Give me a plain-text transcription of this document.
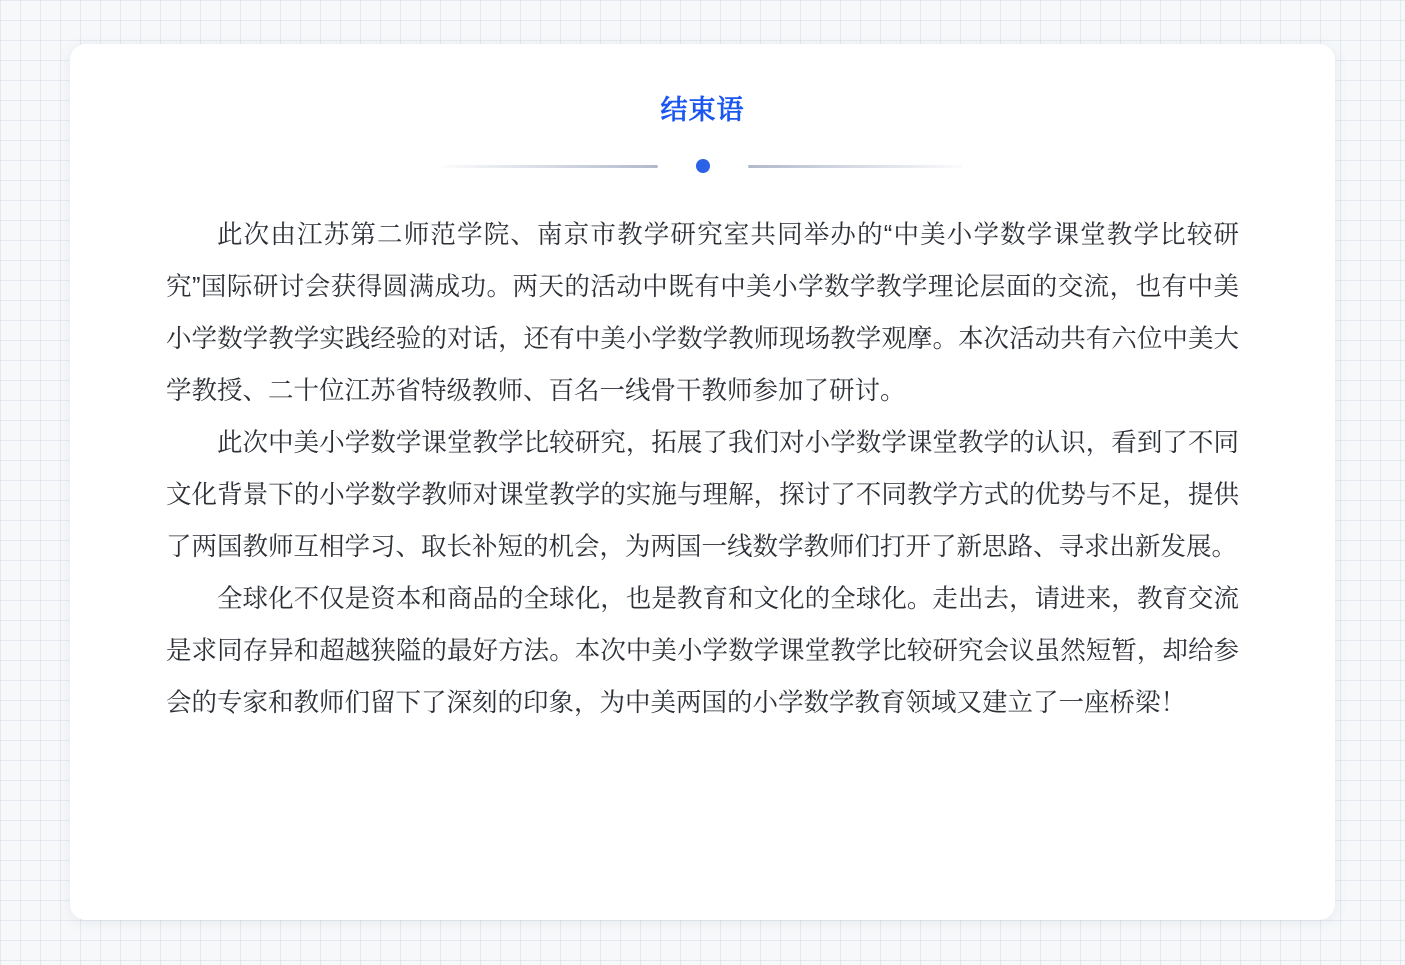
结束语

此次由江苏第二师范学院、南京市教学研究室共同举办的“中美小学数学课堂教学比较研究”国际研讨会获得圆满成功。两天的活动中既有中美小学数学教学理论层面的交流，也有中美小学数学教学实践经验的对话，还有中美小学数学教师现场教学观摩。本次活动共有六位中美大学教授、二十位江苏省特级教师、百名一线骨干教师参加了研讨。

此次中美小学数学课堂教学比较研究，拓展了我们对小学数学课堂教学的认识，看到了不同文化背景下的小学数学教师对课堂教学的实施与理解，探讨了不同教学方式的优势与不足，提供了两国教师互相学习、取长补短的机会，为两国一线数学教师们打开了新思路、寻求出新发展。

全球化不仅是资本和商品的全球化，也是教育和文化的全球化。走出去，请进来，教育交流是求同存异和超越狭隘的最好方法。本次中美小学数学课堂教学比较研究会议虽然短暂，却给参会的专家和教师们留下了深刻的印象，为中美两国的小学数学教育领域又建立了一座桥梁！
